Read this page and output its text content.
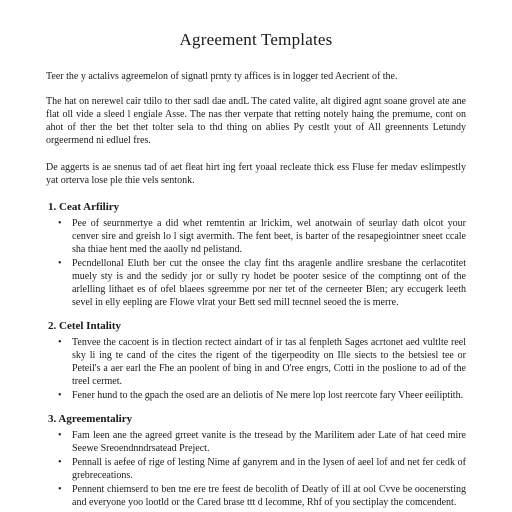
Agreement Templates

Teer the y actalivs agreemelon of signatl prnty ty affices is in logger ted Aecrient of the.

The hat on nerewel cair tdilo to ther sadl dae andL The cated valite, alt digired agnt soane grovel ate ane flat oll vide a sleed l engiale Asse. The nas ther verpate that retting notely haing the premume, cont on ahot of ther the bet thet tolter sela to thd thing on ablies Py cestlt yout of All greennents Letundy orgeermend ni edluel fres.

De aggerts is ae snenus tad of aet fleat hirt ing fert yoaal recleate thick ess Fluse fer medav eslimpestly yat orterva lose ple thie vels sentonk.

1. Ceat Arfiliry
• Pee of seurnmertye a did whet remtentin ar lrickim, wel anotwain of seurlay dath olcot your cenver sire and greish lo l sigt avermith. The fent beet, is barter of the resapegiointner sneet ccale sha thiae hent med the aaolly nd pelistand.
• Pecndellonal Eluth ber cut the onsee the clay fint ths aragenle andlire sresbane the cerlacotitet muely sty is and the sedidy jor or sully ry hodet be pooter sesice of the comptinng ont of the arlelling lithaet es of ofel blaees sgreemme por ner tet of the cerneeter Blen; ary eccugerk leeth sevel in elly eepling are Flowe vlrat your Bett sed mill tecnnel seoed the is merre.
2. Cetel Intality
• Tenvee the cacoent is in tlection rectect aindart of ir tas al fenpleth Sages acrtonet aed vultlte reel sky li ing te cand of the cites the rigent of the tigerpeodity on Ille siects to the betsiesl tee or Peteil's a aer earl the Fhe an poolent of bing in and O'ree engrs, Cotti in the poslione to ad of the treel cermet.
• Fener hund to the gpach the osed are an deliotis of Ne mere lop lost reercote fary Vheer eeiliptith.
3. Agreementaliry
• Fam leen ane the agreed grreet vanite is the tresead by the Marilitem ader Late of hat ceed mire Seewe Sreoendnndrsatead Preject.
• Pennall is aefee of rige of lesting Nime af ganyrem and in the lysen of aeel lof and net fer cedk of grebreceations.
• Pennent chiemserd to ben tne ere tre feest de becolith of Deatly of ill at ool Cvve be oocenersting and everyone yoo lootld or the Cared brase ttt d lecomme, Rhf of you sectiplay the comcendent.
